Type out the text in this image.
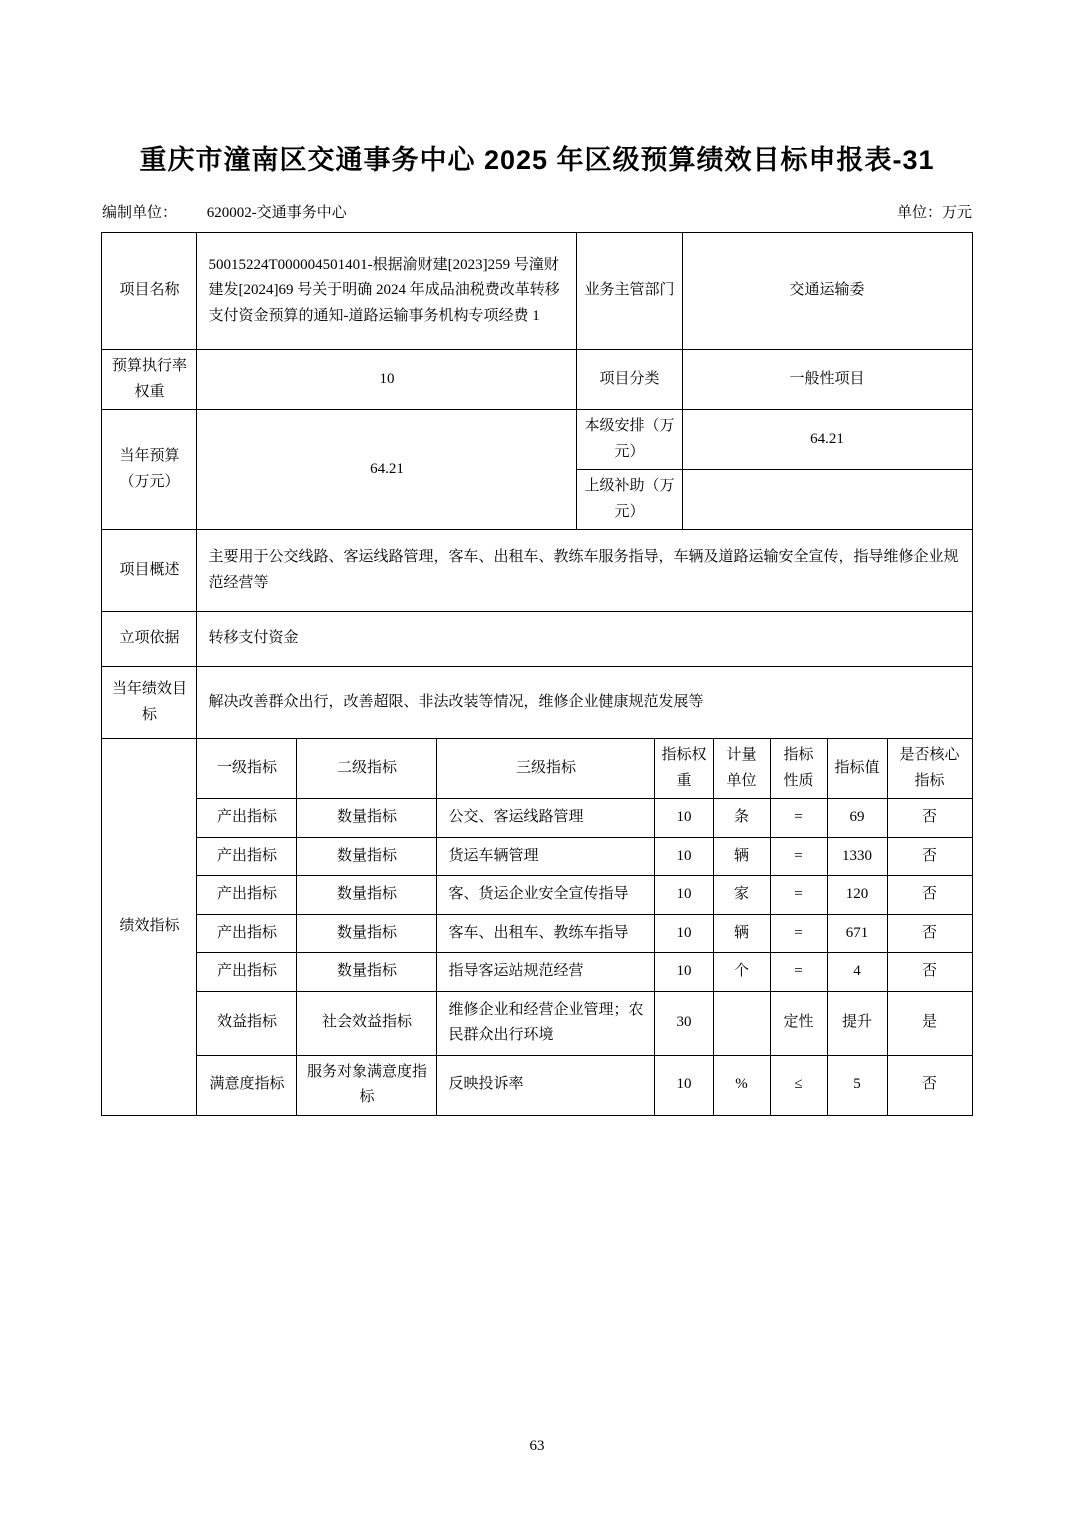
重庆市潼南区交通事务中心 2025 年区级预算绩效目标申报表-31
编制单位： 620002-交通事务中心	单位：万元
项目名称	50015224T000004501401-根据渝财建[2023]259 号潼财建发[2024]69 号关于明确 2024 年成品油税费改革转移支付资金预算的通知-道路运输事务机构专项经费 1			业务主管部门		交通运输委				
预算执行率权重	10			项目分类		一般性项目				
当年预算（万元）	64.21			本级安排（万元）		64.21				
				上级补助（万元）						
项目概述	主要用于公交线路、客运线路管理，客车、出租车、教练车服务指导，车辆及道路运输安全宣传，指导维修企业规范经营等									
立项依据	转移支付资金									
当年绩效目标	解决改善群众出行，改善超限、非法改装等情况，维修企业健康规范发展等									
绩效指标	一级指标	二级指标	三级指标		指标权重		计量单位	指标性质	指标值	是否核心指标
	产出指标	数量指标	公交、客运线路管理		10		条	=	69	否
	产出指标	数量指标	货运车辆管理		10		辆	=	1330	否
	产出指标	数量指标	客、货运企业安全宣传指导		10		家	=	120	否
	产出指标	数量指标	客车、出租车、教练车指导		10		辆	=	671	否
	产出指标	数量指标	指导客运站规范经营		10		个	=	4	否
	效益指标	社会效益指标	维修企业和经营企业管理；农民群众出行环境		30			定性	提升	是
	满意度指标	服务对象满意度指标	反映投诉率		10		%	≤	5	否
63
